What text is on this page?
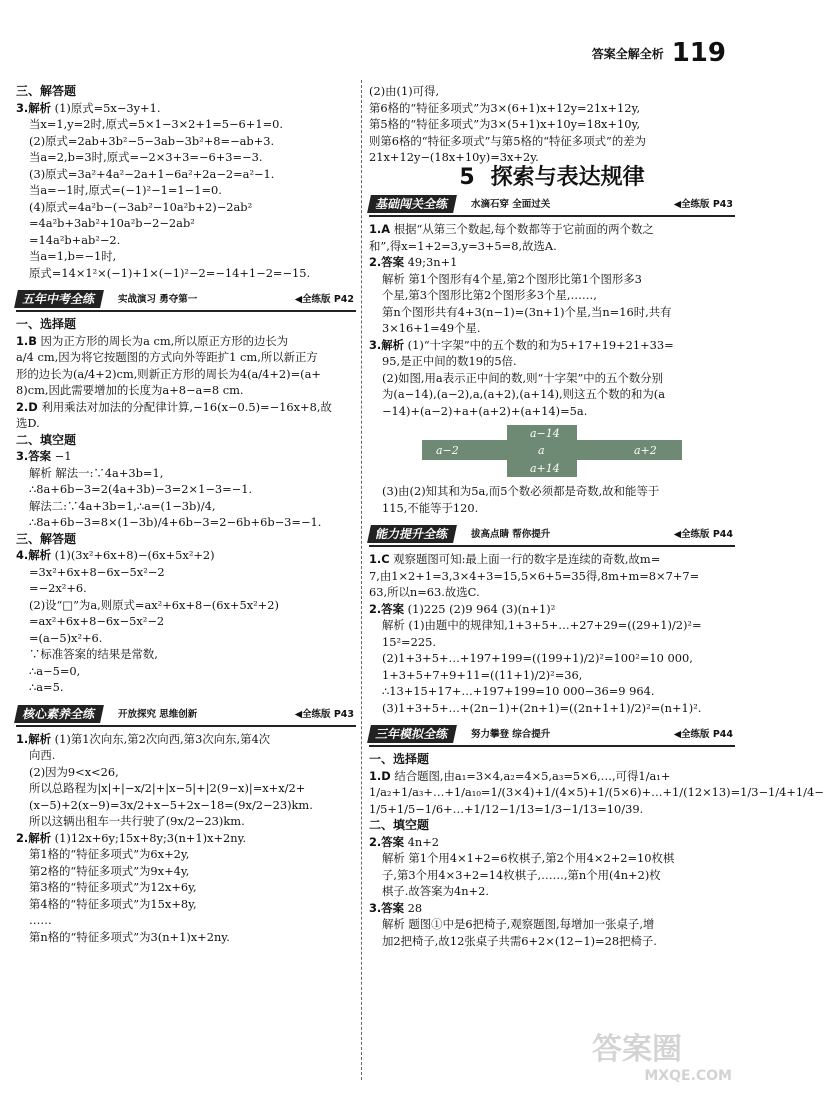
答案全解全析 119
三、解答题
3.解析 (1)原式=5x−3y+1.
当x=1,y=2时,原式=5×1−3×2+1=5−6+1=0.
(2)原式=2ab+3b²−5−3ab−3b²+8=−ab+3.
当a=2,b=3时,原式=−2×3+3=−6+3=−3.
(3)原式=3a²+4a²−2a+1−6a²+2a−2=a²−1.
当a=−1时,原式=(−1)²−1=1−1=0.
(4)原式=4a²b−(−3ab²−10a²b+2)−2ab²
=4a²b+3ab²+10a²b−2−2ab²
=14a²b+ab²−2.
当a=1,b=−1时,
原式=14×1²×(−1)+1×(−1)²−2=−14+1−2=−15.
五年中考全练	实战演习 勇夺第一	◀全练版 P42
一、选择题
1.B 因为正方形的周长为a cm,所以原正方形的边长为
a/4 cm,因为将它按题图的方式向外等距扩1 cm,所以新正方
形的边长为(a/4+2)cm,则新正方形的周长为4(a/4+2)=(a+
8)cm,因此需要增加的长度为a+8−a=8 cm.
2.D 利用乘法对加法的分配律计算,−16(x−0.5)=−16x+8,故
选D.
二、填空题
3.答案 −1
解析 解法一:∵4a+3b=1,
∴8a+6b−3=2(4a+3b)−3=2×1−3=−1.
解法二:∵4a+3b=1,∴a=(1−3b)/4,
∴8a+6b−3=8×(1−3b)/4+6b−3=2−6b+6b−3=−1.
三、解答题
4.解析 (1)(3x²+6x+8)−(6x+5x²+2)
=3x²+6x+8−6x−5x²−2
=−2x²+6.
(2)设“□”为a,则原式=ax²+6x+8−(6x+5x²+2)
=ax²+6x+8−6x−5x²−2
=(a−5)x²+6.
∵标准答案的结果是常数,
∴a−5=0,
∴a=5.
核心素养全练	开放探究 思维创新	◀全练版 P43
1.解析 (1)第1次向东,第2次向西,第3次向东,第4次
向西.
(2)因为9<x<26,
所以总路程为|x|+|−x/2|+|x−5|+|2(9−x)|=x+x/2+
(x−5)+2(x−9)=3x/2+x−5+2x−18=(9x/2−23)km.
所以这辆出租车一共行驶了(9x/2−23)km.
2.解析 (1)12x+6y;15x+8y;3(n+1)x+2ny.
第1格的“特征多项式”为6x+2y,
第2格的“特征多项式”为9x+4y,
第3格的“特征多项式”为12x+6y,
第4格的“特征多项式”为15x+8y,
……
第n格的“特征多项式”为3(n+1)x+2ny.
(2)由(1)可得,
第6格的“特征多项式”为3×(6+1)x+12y=21x+12y,
第5格的“特征多项式”为3×(5+1)x+10y=18x+10y,
则第6格的“特征多项式”与第5格的“特征多项式”的差为
21x+12y−(18x+10y)=3x+2y.
5 探索与表达规律
基础闯关全练	水滴石穿 全面过关	◀全练版 P43
1.A 根据“从第三个数起,每个数都等于它前面的两个数之
和”,得x=1+2=3,y=3+5=8,故选A.
2.答案 49;3n+1
解析 第1个图形有4个星,第2个图形比第1个图形多3
个星,第3个图形比第2个图形多3个星,……,
第n个图形共有4+3(n−1)=(3n+1)个星,当n=16时,共有
3×16+1=49个星.
3.解析 (1)“十字架”中的五个数的和为5+17+19+21+33=
95,是正中间的数19的5倍.
(2)如图,用a表示正中间的数,则“十字架”中的五个数分别
为(a−14),(a−2),a,(a+2),(a+14),则这五个数的和为(a
−14)+(a−2)+a+(a+2)+(a+14)=5a.
a−14
a−2	a	a+2
a+14
(3)由(2)知其和为5a,而5个数必须都是奇数,故和能等于
115,不能等于120.
能力提升全练	拔高点睛 帮你提升	◀全练版 P44
1.C 观察题图可知:最上面一行的数字是连续的奇数,故m=
7,由1×2+1=3,3×4+3=15,5×6+5=35得,8m+m=8×7+7=
63,所以n=63.故选C.
2.答案 (1)225 (2)9 964 (3)(n+1)²
解析 (1)由题中的规律知,1+3+5+…+27+29=((29+1)/2)²=
15²=225.
(2)1+3+5+…+197+199=((199+1)/2)²=100²=10 000,
1+3+5+7+9+11=((11+1)/2)²=36,
∴13+15+17+…+197+199=10 000−36=9 964.
(3)1+3+5+…+(2n−1)+(2n+1)=((2n+1+1)/2)²=(n+1)².
三年模拟全练	努力攀登 综合提升	◀全练版 P44
一、选择题
1.D 结合题图,由a₁=3×4,a₂=4×5,a₃=5×6,…,可得1/a₁+
1/a₂+1/a₃+…+1/a₁₀=1/(3×4)+1/(4×5)+1/(5×6)+…+1/(12×13)=1/3−1/4+1/4−
1/5+1/5−1/6+…+1/12−1/13=1/3−1/13=10/39.
二、填空题
2.答案 4n+2
解析 第1个用4×1+2=6枚棋子,第2个用4×2+2=10枚棋
子,第3个用4×3+2=14枚棋子,……,第n个用(4n+2)枚
棋子.故答案为4n+2.
3.答案 28
解析 题图①中是6把椅子,观察题图,每增加一张桌子,增
加2把椅子,故12张桌子共需6+2×(12−1)=28把椅子.
答案圈
MXQE.COM
